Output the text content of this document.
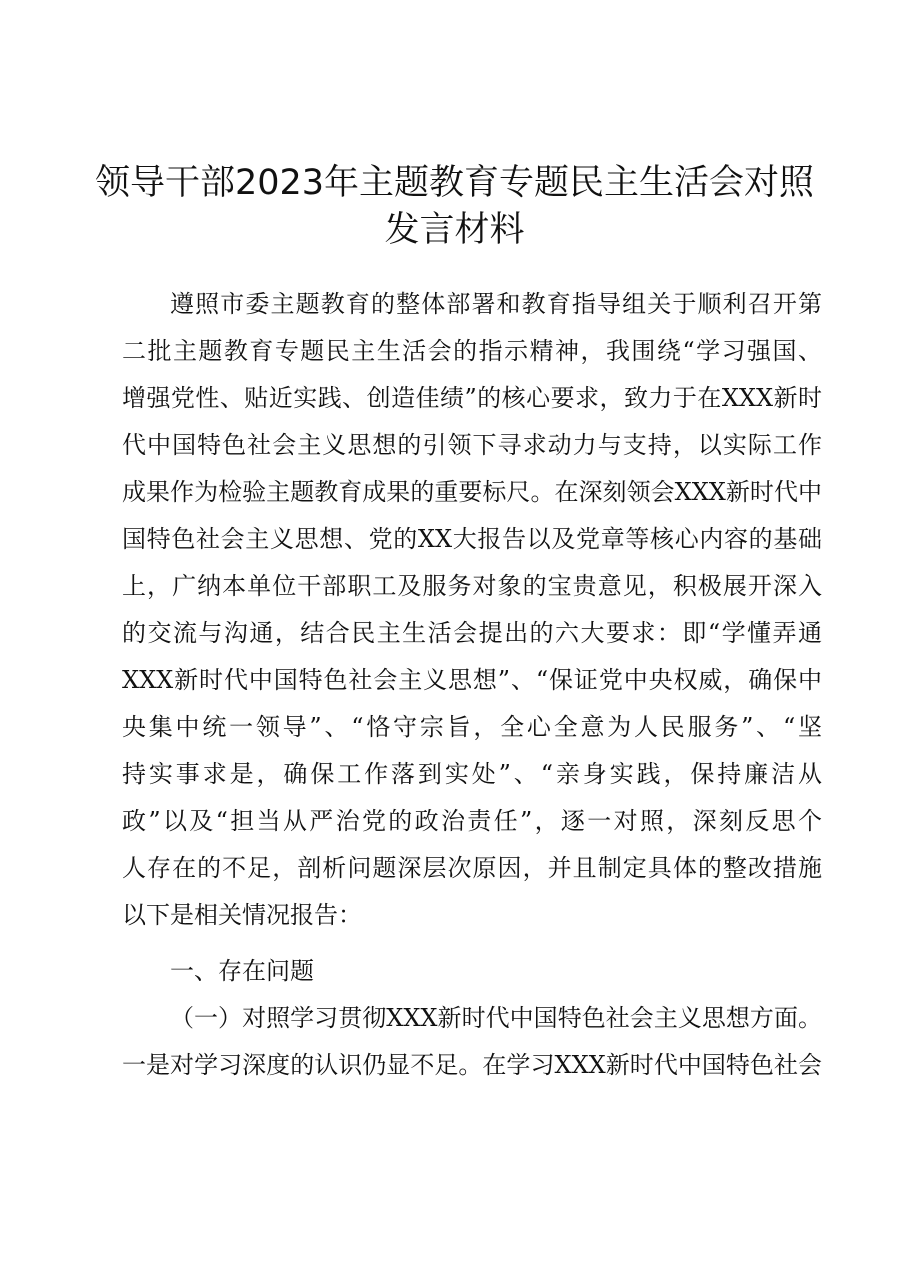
领导干部2023年主题教育专题民主生活会对照
发言材料
遵照市委主题教育的整体部署和教育指导组关于顺利召开第
二批主题教育专题民主生活会的指示精神，我围绕“学习强国、
增强党性、贴近实践、创造佳绩”的核心要求，致力于在XXX新时
代中国特色社会主义思想的引领下寻求动力与支持，以实际工作
成果作为检验主题教育成果的重要标尺。在深刻领会XXX新时代中
国特色社会主义思想、党的XX大报告以及党章等核心内容的基础
上，广纳本单位干部职工及服务对象的宝贵意见，积极展开深入
的交流与沟通，结合民主生活会提出的六大要求：即“学懂弄通
XXX新时代中国特色社会主义思想”、“保证党中央权威，确保中
央集中统一领导”、“恪守宗旨，全心全意为人民服务”、“坚
持实事求是，确保工作落到实处”、“亲身实践，保持廉洁从
政”以及“担当从严治党的政治责任”，逐一对照，深刻反思个
人存在的不足，剖析问题深层次原因，并且制定具体的整改措施
以下是相关情况报告：
一、存在问题
（一）对照学习贯彻XXX新时代中国特色社会主义思想方面。
一是对学习深度的认识仍显不足。在学习XXX新时代中国特色社会
